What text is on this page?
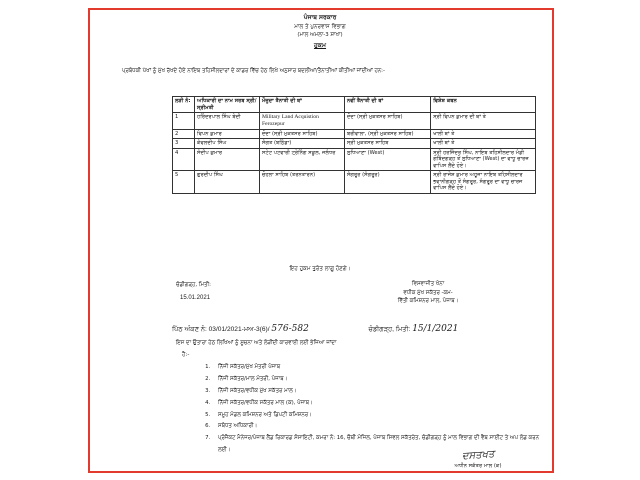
ਪੰਜਾਬ ਸਰਕਾਰ
ਮਾਲ ਤੇ ਪੁਨਰਵਾਸ ਵਿਭਾਗ
(ਮਾਲ ਅਮਲਾ-3 ਸ਼ਾਖਾ)
ਹੁਕਮ
ਪ੍ਰਬੰਧਕੀ ਪੱਖਾਂ ਨੂੰ ਮੁੱਖ ਰੱਖਦੇ ਹੋਏ ਨਾਇਬ ਤਹਿਸੀਲਦਾਰਾਂ ਦੇ ਕਾਡਰ ਵਿੱਚ ਹੇਠ ਲਿਖੇ ਅਨੁਸਾਰ ਬਦਲੀਆਂ/ਤੈਨਾਤੀਆਂ ਕੀਤੀਆਂ ਜਾਂਦੀਆਂ ਹਨ:-
ਲੜੀ ਨੰ:	ਅਧਿਕਾਰੀ ਦਾ ਨਾਮ ਸਰਬ ਸ੍ਰੀ/ਸ੍ਰੀਮਤੀ	ਮੌਜੂਦਾ ਤੈਨਾਤੀ ਦੀ ਥਾਂ	ਨਵੀਂ ਤੈਨਾਤੀ ਦੀ ਥਾਂ	ਵਿਸ਼ੇਸ਼ ਕਥਨ
1	ਹਰਿੰਦਰਪਾਲ ਸਿੰਘ ਬੇਦੀ	Military Land Acquistion Ferozepur	ਦੋਦਾ (ਸ੍ਰੀ ਮੁਕਤਸਰ ਸਾਹਿਬ)	ਸ੍ਰੀ ਵਿਪਨ ਕੁਮਾਰ ਦੀ ਥਾਂ ਤੇ
2	ਵਿਪਨ ਕੁਮਾਰ	ਦੋਦਾ (ਸ੍ਰੀ ਮੁਕਤਸਰ ਸਾਹਿਬ)	ਬਰੀਵਾਲਾ, (ਸ੍ਰੀ ਮੁਕਤਸਰ ਸਾਹਿਬ)	ਖਾਲੀ ਥਾਂ ਤੇ
3	ਕੰਵਲਦੀਪ ਸਿੰਘ	ਸੰਗਤ (ਬਠਿੰਡਾ)	ਸ੍ਰੀ ਮੁਕਤਸਰ ਸਾਹਿਬ	ਖਾਲੀ ਥਾਂ ਤੇ
4	ਸੰਦੀਪ ਕੁਮਾਰ	ਸਟੇਟ ਪਟਵਾਰੀ ਟ੍ਰੇਨਿੰਗ ਸਕੂਲ, ਜਲੰਧਰ	ਲੁਧਿਆਣਾ (West)	ਸ੍ਰੀ ਹਰਜਿੰਦਰ ਸਿੰਘ, ਨਾਇਬ ਤਹਿਸੀਲਦਾਰ ਮੰਡੀ ਗੋਬਿੰਦਗੜ੍ਹ ਤੋਂ ਲੁਧਿਆਣਾ (West) ਦਾ ਵਾਧੂ ਚਾਰਜ ਵਾਪਿਸ ਲੈਂਦੇ ਹੋਏ।
5	ਗੁਰਦੀਪ ਸਿੰਘ	ਚੋਹਲਾ ਸਾਹਿਬ (ਤਰਨਤਾਰਨ)	ਸੰਗਰੂਰ (ਸੰਗਰੂਰ)	ਸ੍ਰੀ ਰਾਜੇਸ਼ ਕੁਮਾਰ ਅਹੂਜਾ ਨਾਇਬ ਤਹਿਸੀਲਦਾਰ ਭਵਾਨੀਗੜ੍ਹ ਤੋਂ ਸੰਗਰੂਰ, ਸੰਗਰੂਰ ਦਾ ਵਾਧੂ ਚਾਰਜ ਵਾਪਿਸ ਲੈਂਦੇ ਹੋਏ।
ਇਹ ਹੁਕਮ ਤੁਰੰਤ ਲਾਗੂ ਹੋਣਗੇ।
ਚੰਡੀਗੜ੍ਹ, ਮਿਤੀ:
15.01.2021
ਵਿਸਵਾਜੀਤ ਖੰਨਾ
ਵਧੀਕ ਮੁੱਖ ਸਕੱਤਰ -ਕਮ-
ਵਿੱਤੀ ਕਮਿਸ਼ਨਰ ਮਾਲ, ਪੰਜਾਬ।
ਪਿੱਠ ਅੰਕਣ ਨੰ: 03/01/2021-ਮਅ-3(6)/ 576-582	ਚੰਡੀਗੜ੍ਹ, ਮਿਤੀ: 15/1/2021
ਇਸ ਦਾ ਉਤਾਰਾ ਹੇਠ ਲਿਖਿਆਂ ਨੂੰ ਸੂਚਨਾ ਅਤੇ ਲੋੜੀਂਦੀ ਕਾਰਵਾਈ ਲਈ ਭੇਜਿਆ ਜਾਂਦਾ
ਹੈ:-
1. ਨਿੱਜੀ ਸਕੱਤਰ/ਮੁੱਖ ਮੰਤਰੀ ਪੰਜਾਬ
2. ਨਿੱਜੀ ਸਕੱਤਰ/ਮਾਲ ਮੰਤਰੀ, ਪੰਜਾਬ।
3. ਨਿੱਜੀ ਸਕੱਤਰ/ਵਧੀਕ ਮੁੱਖ ਸਕੱਤਰ ਮਾਲ।
4. ਨਿੱਜੀ ਸਕੱਤਰ/ਵਧੀਕ ਸਕੱਤਰ ਮਾਲ (ਕ), ਪੰਜਾਬ।
5. ਸਮੂਹ ਮੰਡਲ ਕਮਿਸ਼ਨਰ ਅਤੇ ਡਿਪਟੀ ਕਮਿਸ਼ਨਰ।
6. ਸਬੰਧਤ ਅਧਿਕਾਰੀ।
7. ਪ੍ਰੋਜੈਕਟ ਮੈਨੇਜਰ/ਪੰਜਾਬ ਲੈਂਡ ਰਿਕਾਰਡ ਸੋਸਾਇਟੀ, ਕਮਰਾ ਨੰ: 16, ਚੌਥੀ ਮੰਜਿਲ, ਪੰਜਾਬ ਸਿਵਲ ਸਕੱਤਰੇਤ, ਚੰਡੀਗੜ੍ਹ ਨੂੰ ਮਾਲ ਵਿਭਾਗ ਦੀ ਵੈਬ ਸਾਈਟ ਤੇ ਅਪ ਲੋਡ ਕਰਨ ਲਈ।	ਦਸਤਖਤ
ਅਧੀਨ ਸਕੱਤਰ ਮਾਲ (ਕ)
